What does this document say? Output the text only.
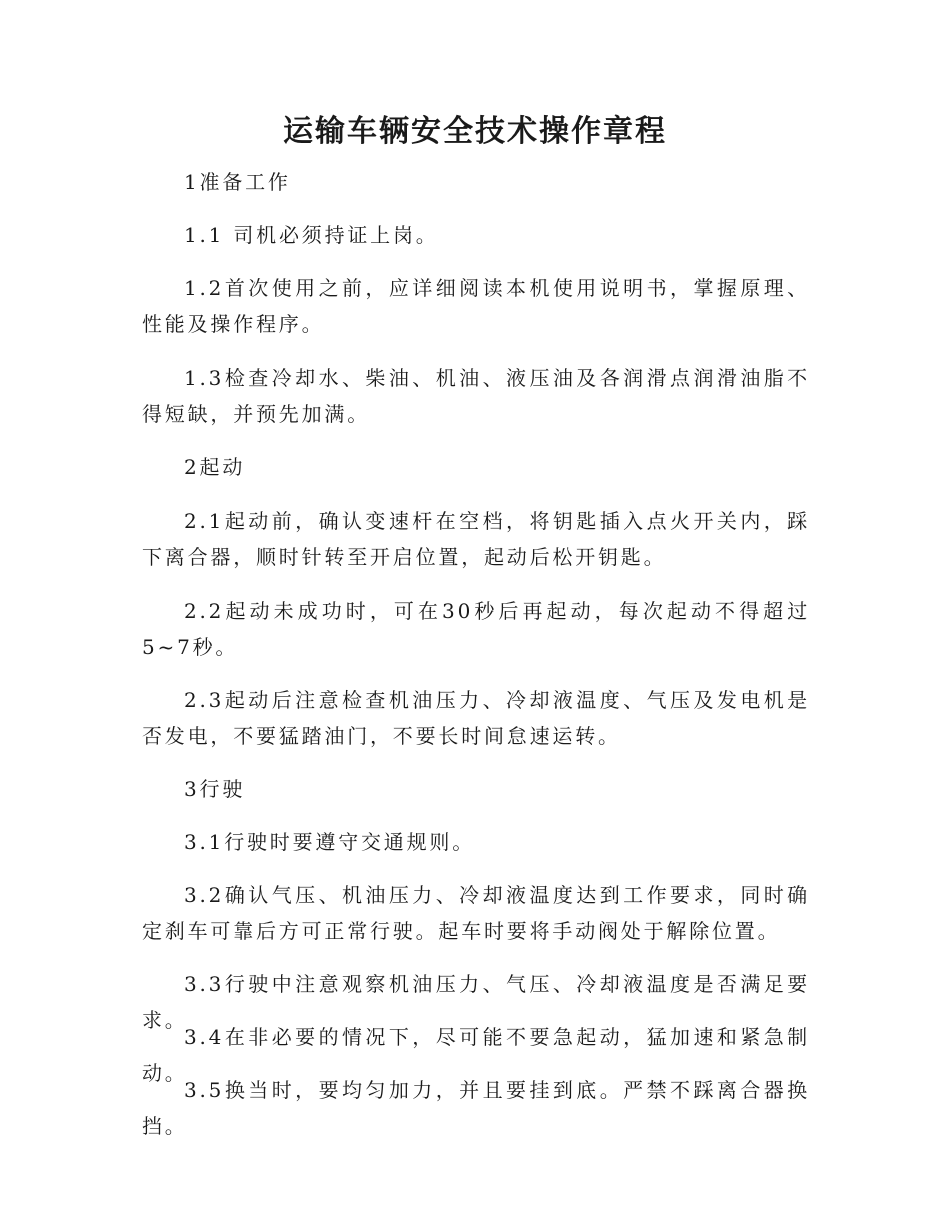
运输车辆安全技术操作章程

1准备工作

1.1 司机必须持证上岗。

1.2首次使用之前，应详细阅读本机使用说明书，掌握原理、性能及操作程序。

1.3检查冷却水、柴油、机油、液压油及各润滑点润滑油脂不得短缺，并预先加满。

2起动

2.1起动前，确认变速杆在空档，将钥匙插入点火开关内，踩下离合器，顺时针转至开启位置，起动后松开钥匙。

2.2起动未成功时，可在30秒后再起动，每次起动不得超过5~7秒。

2.3起动后注意检查机油压力、冷却液温度、气压及发电机是否发电，不要猛踏油门，不要长时间怠速运转。

3行驶

3.1行驶时要遵守交通规则。

3.2确认气压、机油压力、冷却液温度达到工作要求，同时确定刹车可靠后方可正常行驶。起车时要将手动阀处于解除位置。

3.3行驶中注意观察机油压力、气压、冷却液温度是否满足要求。

3.4在非必要的情况下，尽可能不要急起动，猛加速和紧急制动。

3.5换当时，要均匀加力，并且要挂到底。严禁不踩离合器换挡。
